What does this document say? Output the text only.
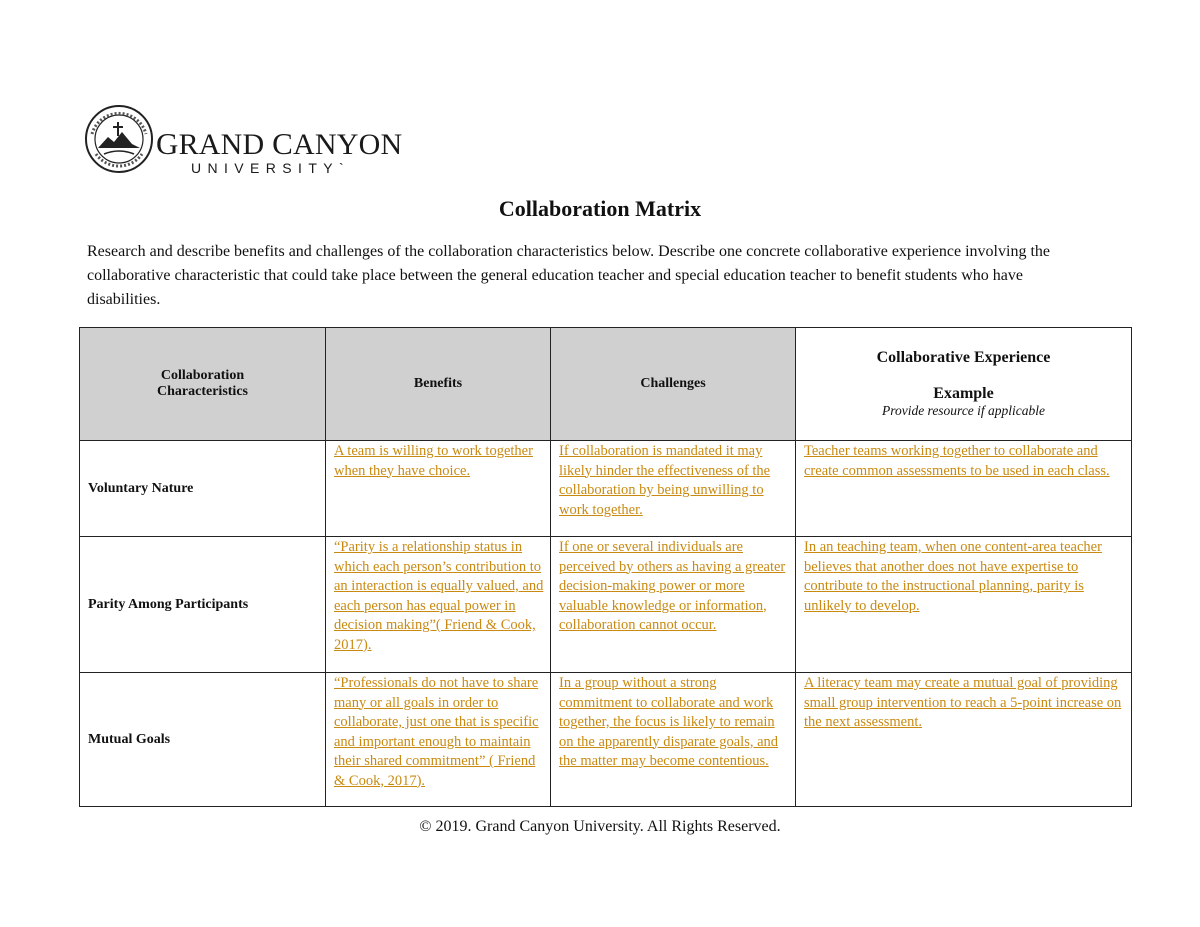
GRAND CANYON
UNIVERSITY`
Collaboration Matrix

Research and describe benefits and challenges of the collaboration characteristics below. Describe one concrete collaborative experience involving the collaborative characteristic that could take place between the general education teacher and special education teacher to benefit students who have disabilities.

Collaboration
Characteristics	Benefits	Challenges	Collaborative Experience
Example
Provide resource if applicable

Voluntary Nature	A team is willing to work together when they have choice.	If collaboration is mandated it may likely hinder the effectiveness of the collaboration by being unwilling to work together.	Teacher teams working together to collaborate and create common assessments to be used in each class.
Parity Among Participants	“Parity is a relationship status in which each person’s contribution to an interaction is equally valued, and each person has equal power in decision making”( Friend & Cook, 2017).	If one or several individuals are perceived by others as having a greater decision-making power or more valuable knowledge or information, collaboration cannot occur.	In an teaching team, when one content-area teacher believes that another does not have expertise to contribute to the instructional planning, parity is unlikely to develop.
Mutual Goals	“Professionals do not have to share many or all goals in order to collaborate, just one that is specific and important enough to maintain their shared commitment” ( Friend & Cook, 2017).	In a group without a strong commitment to collaborate and work together, the focus is likely to remain on the apparently disparate goals, and the matter may become contentious.	A literacy team may create a mutual goal of providing small group intervention to reach a 5-point increase on the next assessment.
© 2019. Grand Canyon University. All Rights Reserved.
